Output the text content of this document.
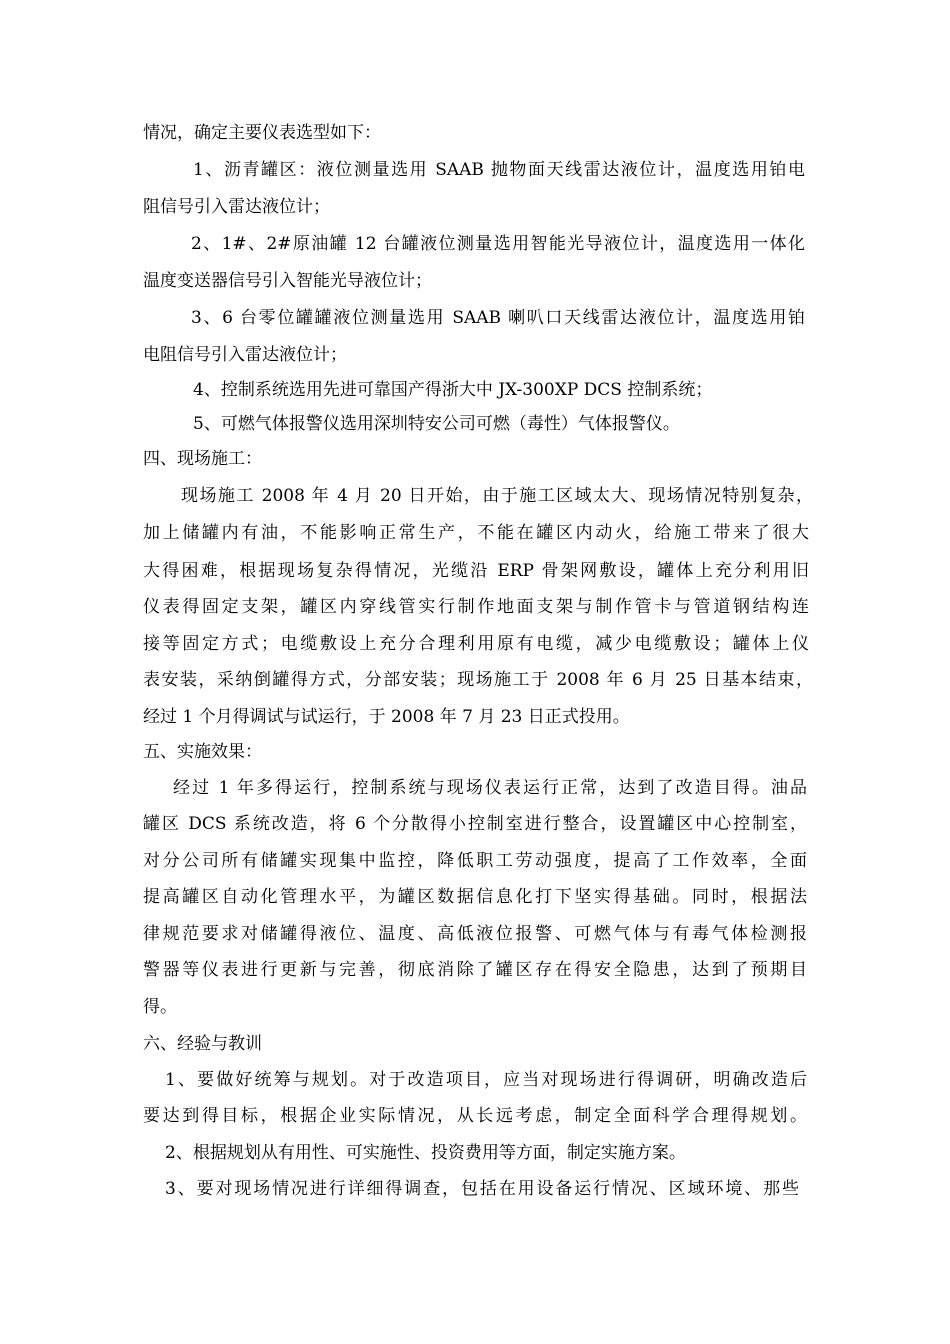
情况，确定主要仪表选型如下：
1、沥青罐区：液位测量选用 SAAB 抛物面天线雷达液位计，温度选用铂电
阻信号引入雷达液位计；
2、1#、2#原油罐 12 台罐液位测量选用智能光导液位计，温度选用一体化
温度变送器信号引入智能光导液位计；
3、6 台零位罐罐液位测量选用 SAAB 喇叭口天线雷达液位计，温度选用铂
电阻信号引入雷达液位计；
4、控制系统选用先进可靠国产得浙大中 JX-300XP DCS 控制系统；
5、可燃气体报警仪选用深圳特安公司可燃（毒性）气体报警仪。
四、现场施工：
现场施工 2008 年 4 月 20 日开始，由于施工区域太大、现场情况特别复杂，
加上储罐内有油，不能影响正常生产，不能在罐区内动火，给施工带来了很大
大得困难，根据现场复杂得情况，光缆沿 ERP 骨架网敷设，罐体上充分利用旧
仪表得固定支架，罐区内穿线管实行制作地面支架与制作管卡与管道钢结构连
接等固定方式；电缆敷设上充分合理利用原有电缆，减少电缆敷设；罐体上仪
表安装，采纳倒罐得方式，分部安装；现场施工于 2008 年 6 月 25 日基本结束，
经过 1 个月得调试与试运行，于 2008 年 7 月 23 日正式投用。
五、实施效果：
经过 1 年多得运行，控制系统与现场仪表运行正常，达到了改造目得。油品
罐区 DCS 系统改造，将 6 个分散得小控制室进行整合，设置罐区中心控制室，
对分公司所有储罐实现集中监控，降低职工劳动强度，提高了工作效率，全面
提高罐区自动化管理水平，为罐区数据信息化打下坚实得基础。同时，根据法
律规范要求对储罐得液位、温度、高低液位报警、可燃气体与有毒气体检测报
警器等仪表进行更新与完善，彻底消除了罐区存在得安全隐患，达到了预期目
得。
六、经验与教训
1、要做好统筹与规划。对于改造项目，应当对现场进行得调研，明确改造后
要达到得目标，根据企业实际情况，从长远考虑，制定全面科学合理得规划。
2、根据规划从有用性、可实施性、投资费用等方面，制定实施方案。
3、要对现场情况进行详细得调查，包括在用设备运行情况、区域环境、那些
